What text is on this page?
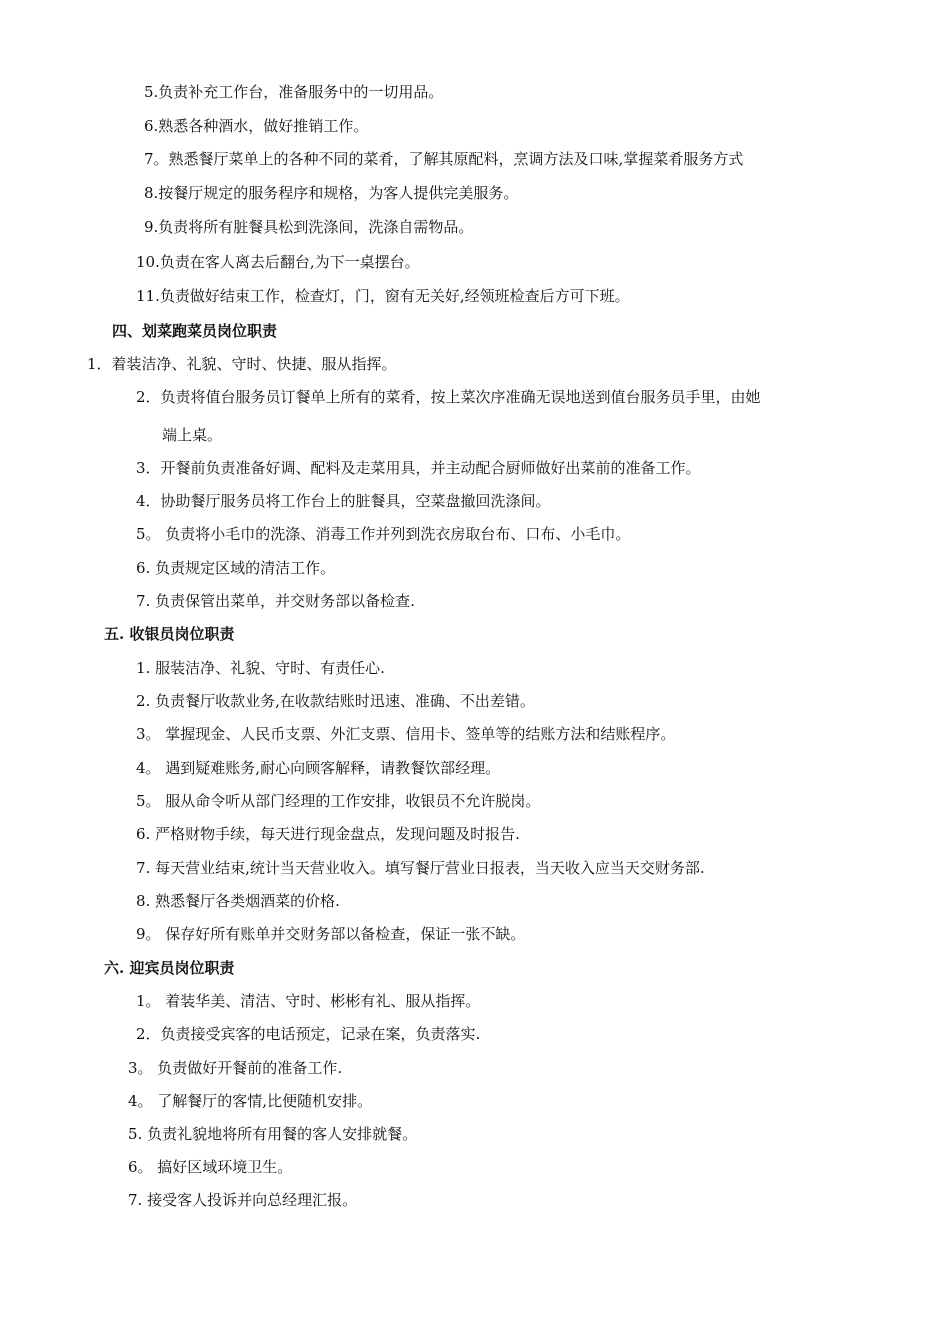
5.负责补充工作台，准备服务中的一切用品。
6.熟悉各种酒水，做好推销工作。
7。熟悉餐厅菜单上的各种不同的菜肴，了解其原配料，烹调方法及口味,掌握菜肴服务方式
8.按餐厅规定的服务程序和规格，为客人提供完美服务。
9.负责将所有脏餐具松到洗涤间，洗涤自需物品。
10.负责在客人离去后翻台,为下一桌摆台。
11.负责做好结束工作，检查灯，门，窗有无关好,经领班检查后方可下班。
四、划菜跑菜员岗位职责
1．着装洁净、礼貌、守时、快捷、服从指挥。
2．负责将值台服务员订餐单上所有的菜肴，按上菜次序准确无误地送到值台服务员手里，由她
端上桌。
3．开餐前负责准备好调、配料及走菜用具，并主动配合厨师做好出菜前的准备工作。
4．协助餐厅服务员将工作台上的脏餐具，空菜盘撤回洗涤间。
5。 负责将小毛巾的洗涤、消毒工作并列到洗衣房取台布、口布、小毛巾。
6. 负责规定区域的清洁工作。
7. 负责保管出菜单，并交财务部以备检查.
五. 收银员岗位职责
1. 服装洁净、礼貌、守时、有责任心.
2. 负责餐厅收款业务,在收款结账时迅速、准确、不出差错。
3。 掌握现金、人民币支票、外汇支票、信用卡、签单等的结账方法和结账程序。
4。 遇到疑难账务,耐心向顾客解释，请教餐饮部经理。
5。 服从命令听从部门经理的工作安排，收银员不允许脱岗。
6. 严格财物手续，每天进行现金盘点，发现问题及时报告.
7. 每天营业结束,统计当天营业收入。填写餐厅营业日报表，当天收入应当天交财务部.
8. 熟悉餐厅各类烟酒菜的价格.
9。 保存好所有账单并交财务部以备检查，保证一张不缺。
六. 迎宾员岗位职责
1。 着装华美、清洁、守时、彬彬有礼、服从指挥。
2．负责接受宾客的电话预定，记录在案，负责落实.
3。 负责做好开餐前的准备工作.
4。 了解餐厅的客情,比便随机安排。
5. 负责礼貌地将所有用餐的客人安排就餐。
6。 搞好区域环境卫生。
7. 接受客人投诉并向总经理汇报。
